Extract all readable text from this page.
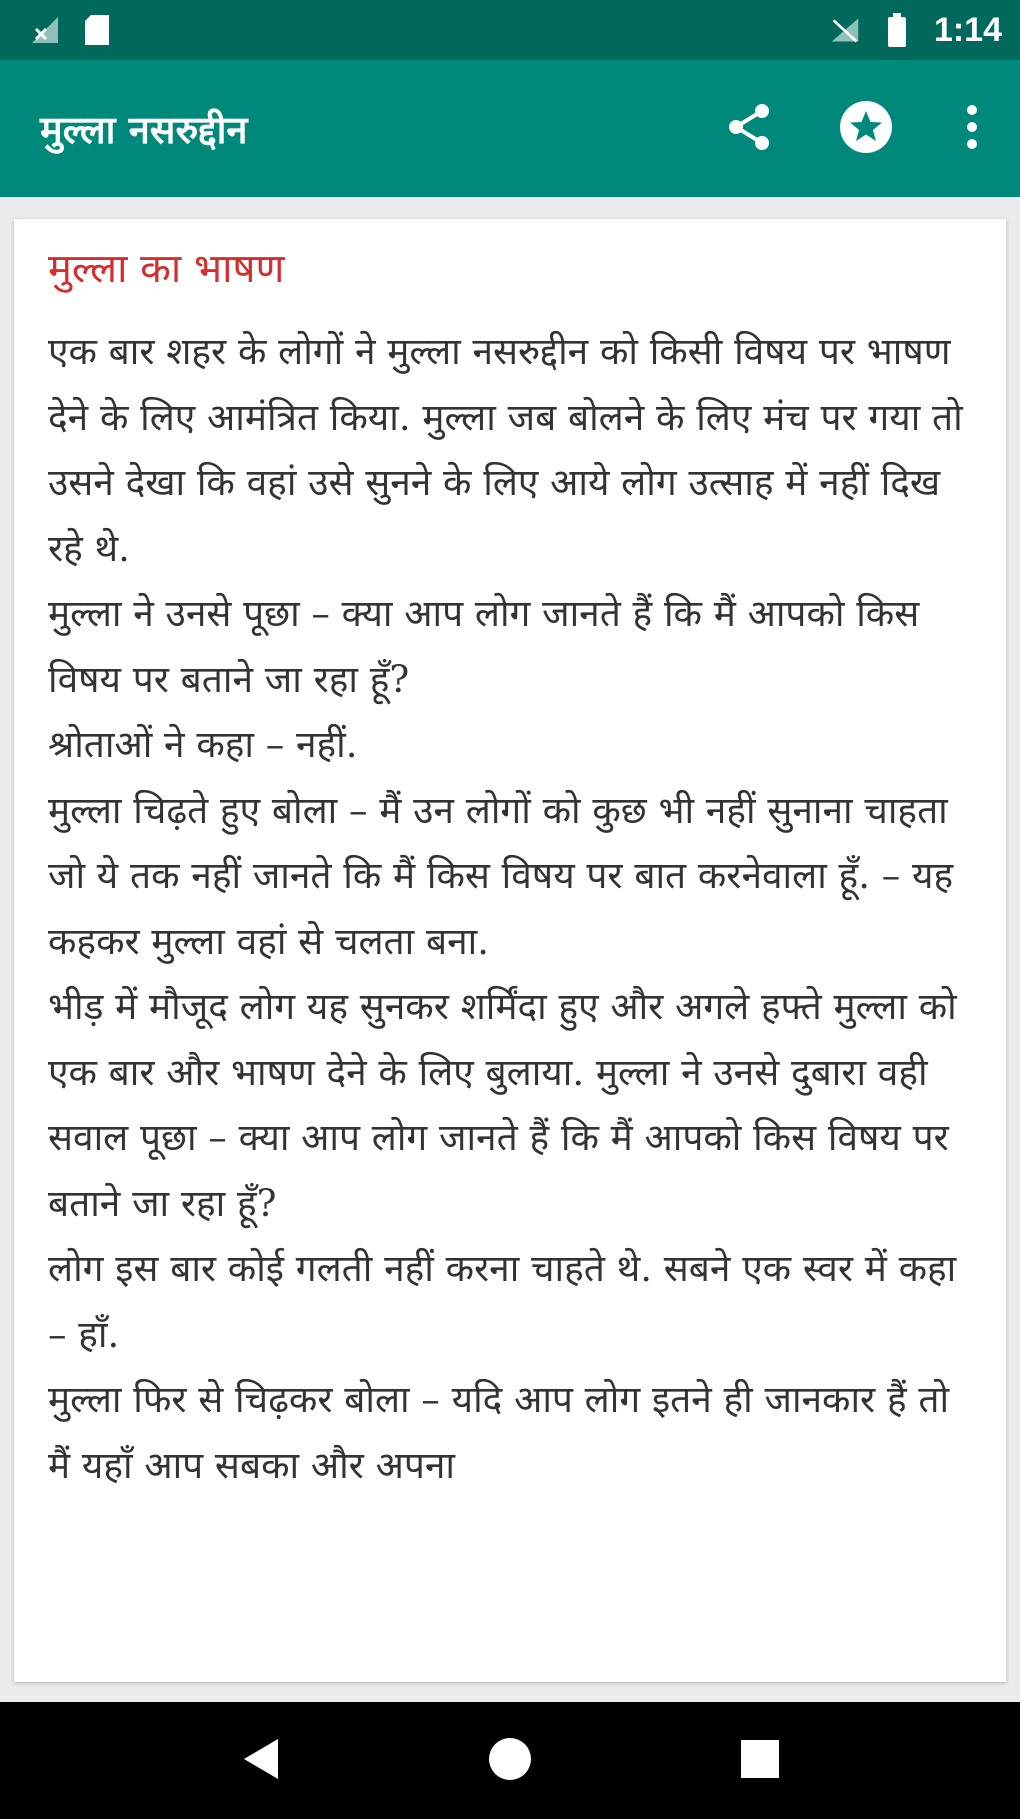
1:14
मुल्ला नसरुद्दीन
मुल्ला का भाषण

एक बार शहर के लोगों ने मुल्ला नसरुद्दीन को किसी विषय पर भाषण देने के लिए आमंत्रित किया. मुल्ला जब बोलने के लिए मंच पर गया तो उसने देखा कि वहां उसे सुनने के लिए आये लोग उत्साह में नहीं दिख रहे थे.

मुल्ला ने उनसे पूछा – क्या आप लोग जानते हैं कि मैं आपको किस विषय पर बताने जा रहा हूँ?

श्रोताओं ने कहा – नहीं.

मुल्ला चिढ़ते हुए बोला – मैं उन लोगों को कुछ भी नहीं सुनाना चाहता जो ये तक नहीं जानते कि मैं किस विषय पर बात करनेवाला हूँ. – यह कहकर मुल्ला वहां से चलता बना.

भीड़ में मौजूद लोग यह सुनकर शर्मिंदा हुए और अगले हफ्ते मुल्ला को एक बार और भाषण देने के लिए बुलाया. मुल्ला ने उनसे दुबारा वही सवाल पूछा – क्या आप लोग जानते हैं कि मैं आपको किस विषय पर बताने जा रहा हूँ?

लोग इस बार कोई गलती नहीं करना चाहते थे. सबने एक स्वर में कहा – हाँ.

मुल्ला फिर से चिढ़कर बोला – यदि आप लोग इतने ही जानकार हैं तो मैं यहाँ आप सबका और अपना
